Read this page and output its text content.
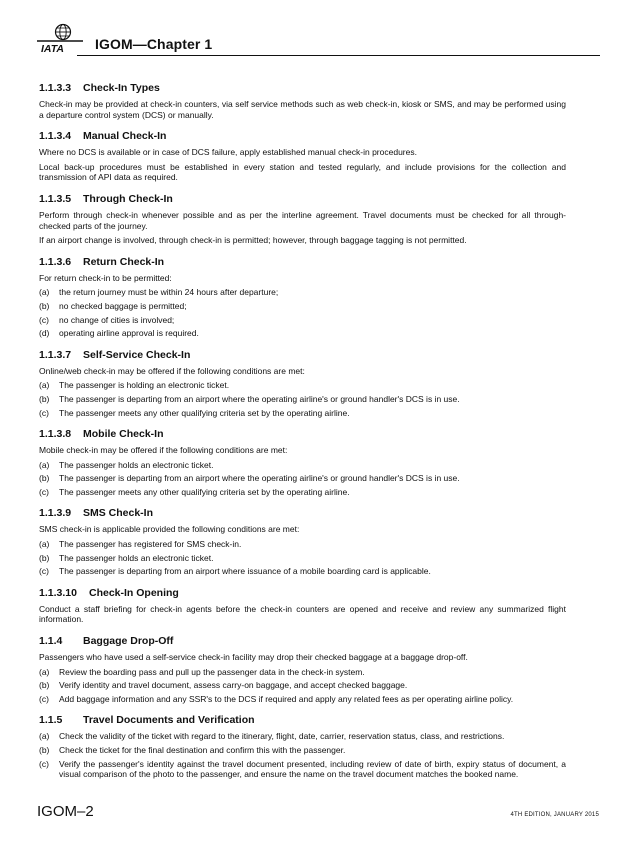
IATA IGOM—Chapter 1
1.1.3.3 Check-In Types

Check-in may be provided at check-in counters, via self service methods such as web check-in, kiosk or SMS, and may be performed using a departure control system (DCS) or manually.

1.1.3.4 Manual Check-In

Where no DCS is available or in case of DCS failure, apply established manual check-in procedures.

Local back-up procedures must be established in every station and tested regularly, and include provisions for the collection and transmission of API data as required.

1.1.3.5 Through Check-In

Perform through check-in whenever possible and as per the interline agreement. Travel documents must be checked for all through-checked parts of the journey.

If an airport change is involved, through check-in is permitted; however, through baggage tagging is not permitted.

1.1.3.6 Return Check-In

For return check-in to be permitted:

(a) the return journey must be within 24 hours after departure;
(b) no checked baggage is permitted;
(c) no change of cities is involved;
(d) operating airline approval is required.
1.1.3.7 Self-Service Check-In

Online/web check-in may be offered if the following conditions are met:

(a) The passenger is holding an electronic ticket.
(b) The passenger is departing from an airport where the operating airline's or ground handler's DCS is in use.
(c) The passenger meets any other qualifying criteria set by the operating airline.
1.1.3.8 Mobile Check-In

Mobile check-in may be offered if the following conditions are met:

(a) The passenger holds an electronic ticket.
(b) The passenger is departing from an airport where the operating airline's or ground handler's DCS is in use.
(c) The passenger meets any other qualifying criteria set by the operating airline.
1.1.3.9 SMS Check-In

SMS check-in is applicable provided the following conditions are met:

(a) The passenger has registered for SMS check-in.
(b) The passenger holds an electronic ticket.
(c) The passenger is departing from an airport where issuance of a mobile boarding card is applicable.
1.1.3.10 Check-In Opening

Conduct a staff briefing for check-in agents before the check-in counters are opened and receive and review any summarized flight information.

1.1.4 Baggage Drop-Off

Passengers who have used a self-service check-in facility may drop their checked baggage at a baggage drop-off.

(a) Review the boarding pass and pull up the passenger data in the check-in system.
(b) Verify identity and travel document, assess carry-on baggage, and accept checked baggage.
(c) Add baggage information and any SSR's to the DCS if required and apply any related fees as per operating airline policy.
1.1.5 Travel Documents and Verification
(a) Check the validity of the ticket with regard to the itinerary, flight, date, carrier, reservation status, class, and restrictions.
(b) Check the ticket for the final destination and confirm this with the passenger.
(c) Verify the passenger's identity against the travel document presented, including review of date of birth, expiry status of document, a visual comparison of the photo to the passenger, and ensure the name on the travel document matches the booked name.
IGOM–2	4TH EDITION, JANUARY 2015
